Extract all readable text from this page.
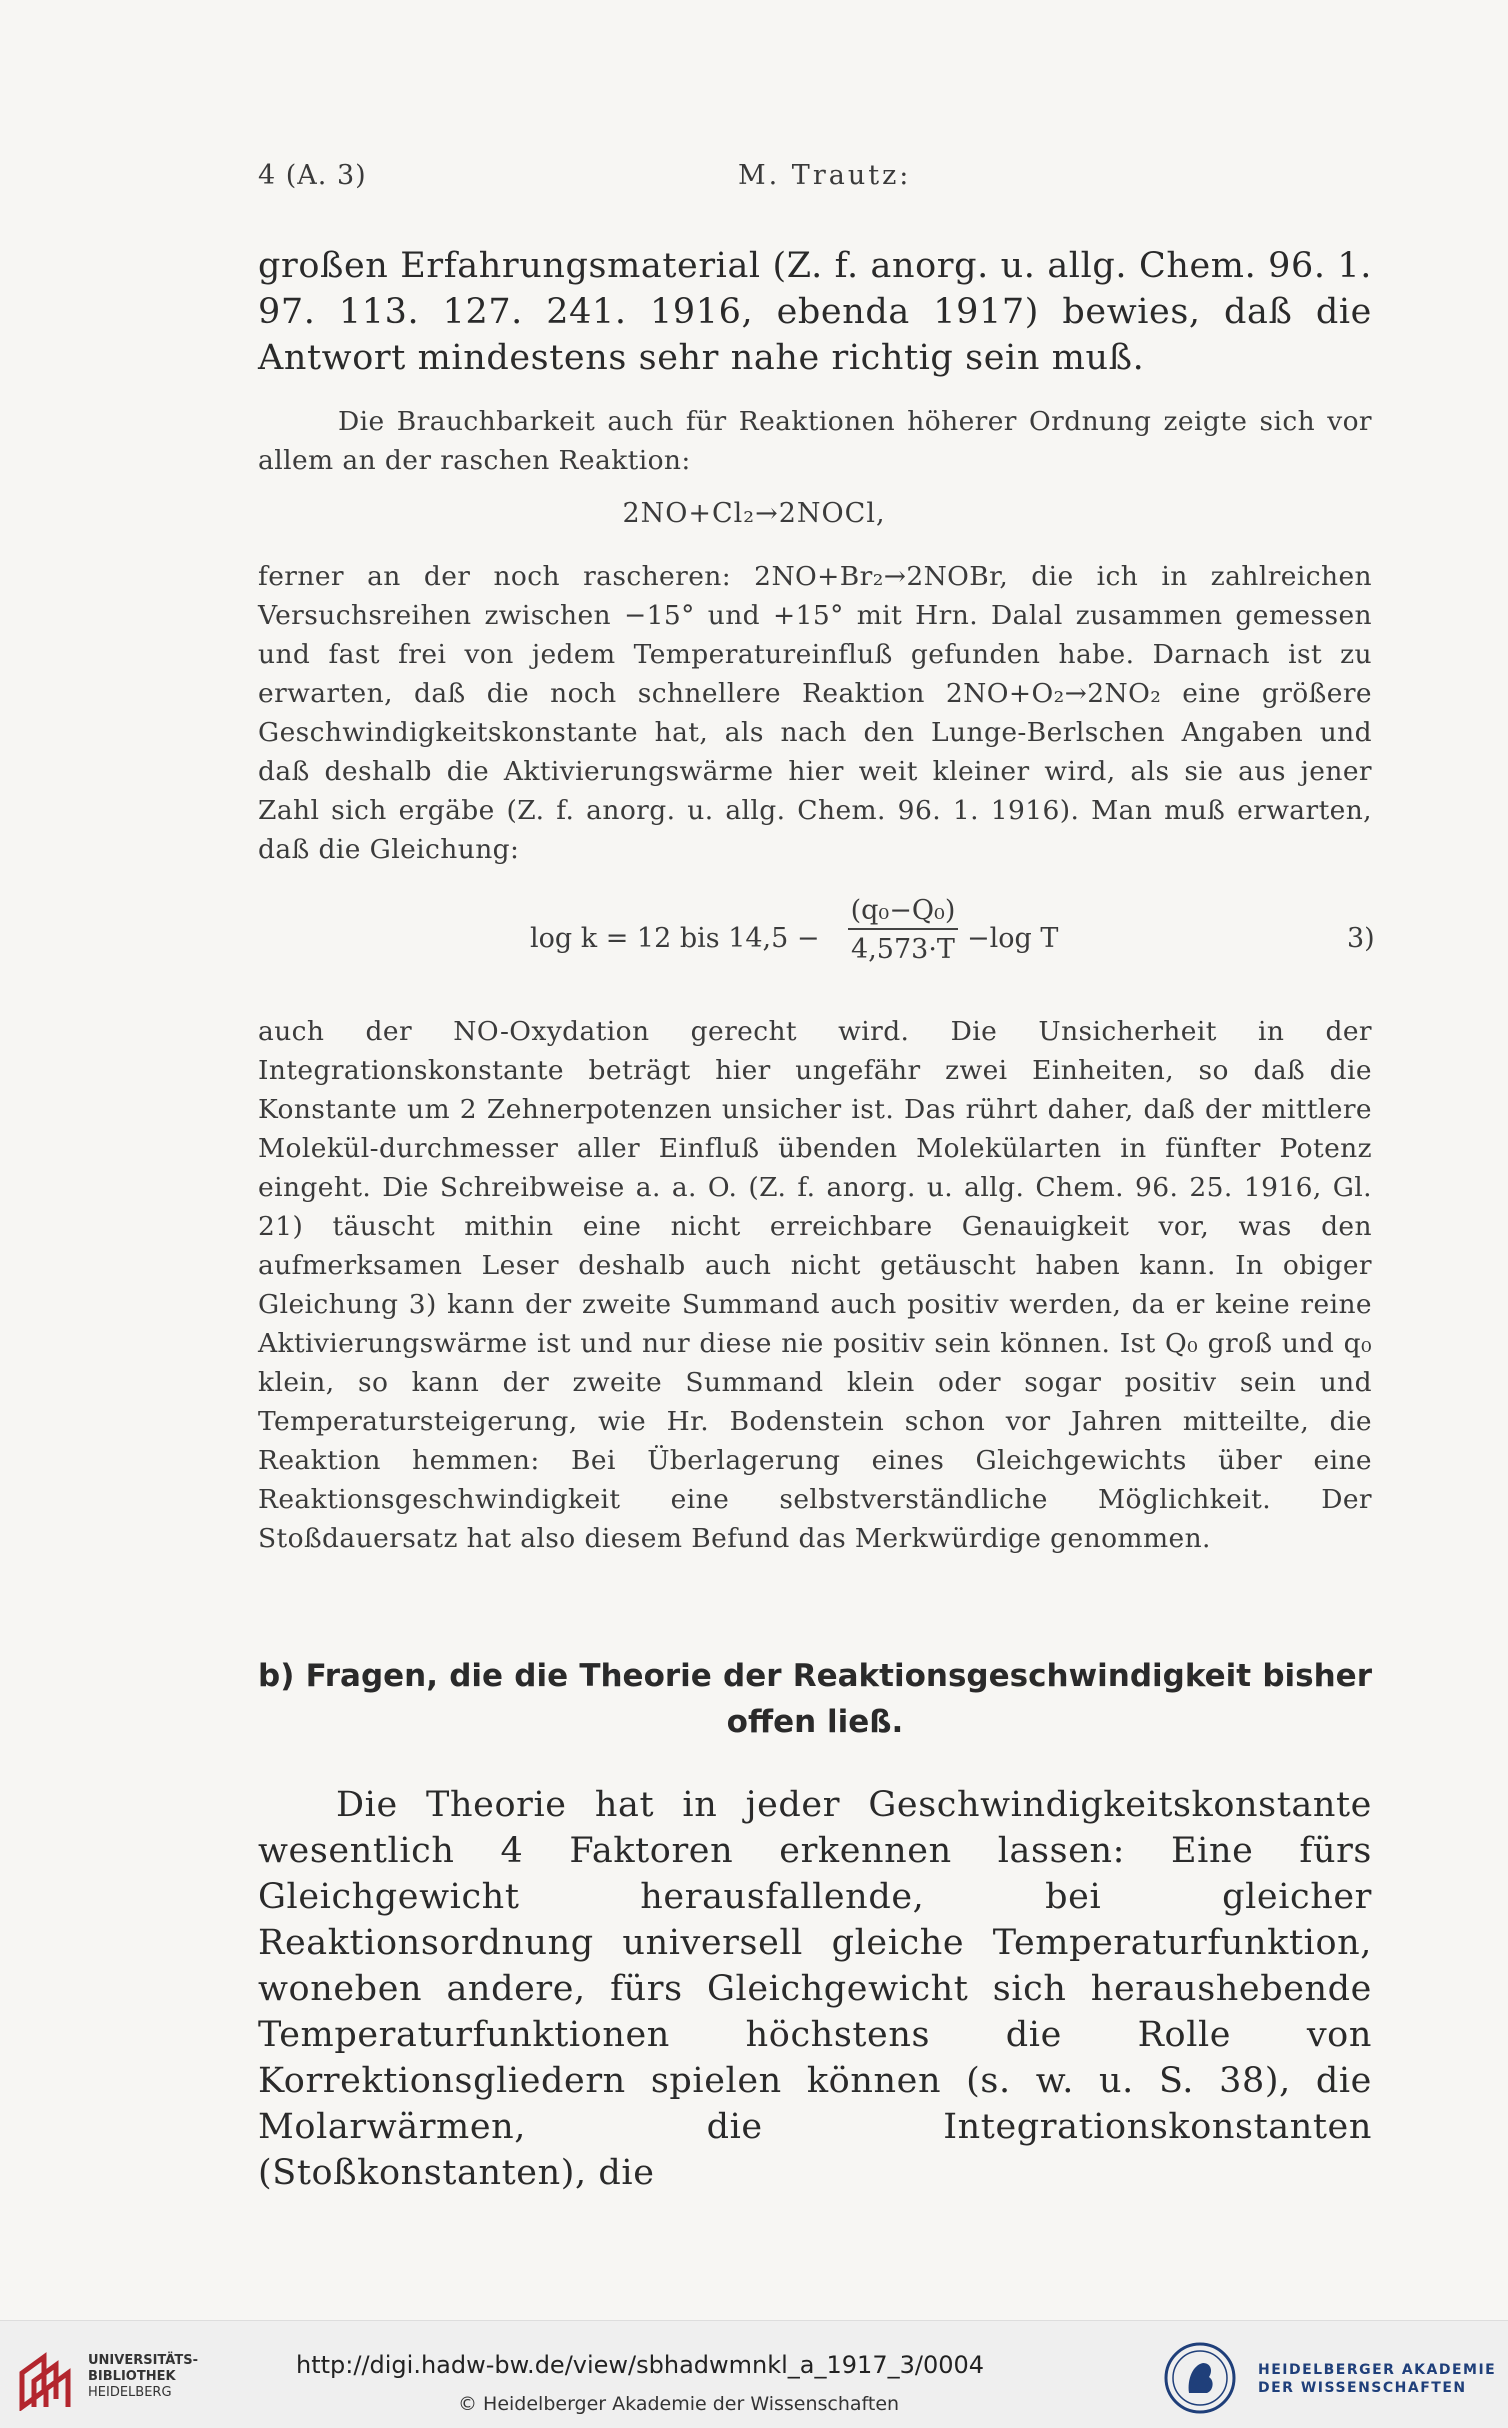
4 (A. 3)	M. Trautz:

großen Erfahrungsmaterial (Z. f. anorg. u. allg. Chem. 96. 1. 97. 113. 127. 241. 1916, ebenda 1917) bewies, daß die Antwort mindestens sehr nahe richtig sein muß.

Die Brauchbarkeit auch für Reaktionen höherer Ordnung zeigte sich vor allem an der raschen Reaktion:

2NO+Cl₂→2NOCl,

ferner an der noch rascheren: 2NO+Br₂→2NOBr, die ich in zahlreichen Versuchsreihen zwischen −15° und +15° mit Hrn. Dalal zusammen gemessen und fast frei von jedem Temperatureinfluß gefunden habe. Darnach ist zu erwarten, daß die noch schnellere Reaktion 2NO+O₂→2NO₂ eine größere Geschwindigkeitskonstante hat, als nach den Lunge-Berlschen Angaben und daß deshalb die Aktivierungswärme hier weit kleiner wird, als sie aus jener Zahl sich ergäbe (Z. f. anorg. u. allg. Chem. 96. 1. 1916). Man muß erwarten, daß die Gleichung:

log k = 12 bis $14,5 - \frac{\text{(q₀−Q₀)}}{4,573\cdot T} -\log$ T	3)

auch der NO-Oxydation gerecht wird. Die Unsicherheit in der Integrationskonstante beträgt hier ungefähr zwei Einheiten, so daß die Konstante um 2 Zehnerpotenzen unsicher ist. Das rührt daher, daß der mittlere Molekül-durchmesser aller Einfluß übenden Molekülarten in fünfter Potenz eingeht. Die Schreibweise a. a. O. (Z. f. anorg. u. allg. Chem. 96. 25. 1916, Gl. 21) täuscht mithin eine nicht erreichbare Genauigkeit vor, was den aufmerksamen Leser deshalb auch nicht getäuscht haben kann. In obiger Gleichung 3) kann der zweite Summand auch positiv werden, da er keine reine Aktivierungswärme ist und nur diese nie positiv sein können. Ist Q₀ groß und q₀ klein, so kann der zweite Summand klein oder sogar positiv sein und Temperatursteigerung, wie Hr. Bodenstein schon vor Jahren mitteilte, die Reaktion hemmen: Bei Überlagerung eines Gleichgewichts über eine Reaktionsgeschwindigkeit eine selbstverständliche Möglichkeit. Der Stoßdauersatz hat also diesem Befund das Merkwürdige genommen.

b) Fragen, die die Theorie der Reaktionsgeschwindigkeit bisher
offen ließ.

Die Theorie hat in jeder Geschwindigkeitskonstante wesentlich 4 Faktoren erkennen lassen: Eine fürs Gleichgewicht herausfallende, bei gleicher Reaktionsordnung universell gleiche Temperaturfunktion, woneben andere, fürs Gleichgewicht sich heraushebende Temperaturfunktionen höchstens die Rolle von Korrektionsgliedern spielen können (s. w. u. S. 38), die Molarwärmen, die Integrationskonstanten (Stoßkonstanten), die

UNIVERSITÄTS-
BIBLIOTHEK
HEIDELBERG
http://digi.hadw-bw.de/view/sbhadwmnkl_a_1917_3/0004
© Heidelberger Akademie der Wissenschaften
HEIDELBERGER AKADEMIE
DER WISSENSCHAFTEN
